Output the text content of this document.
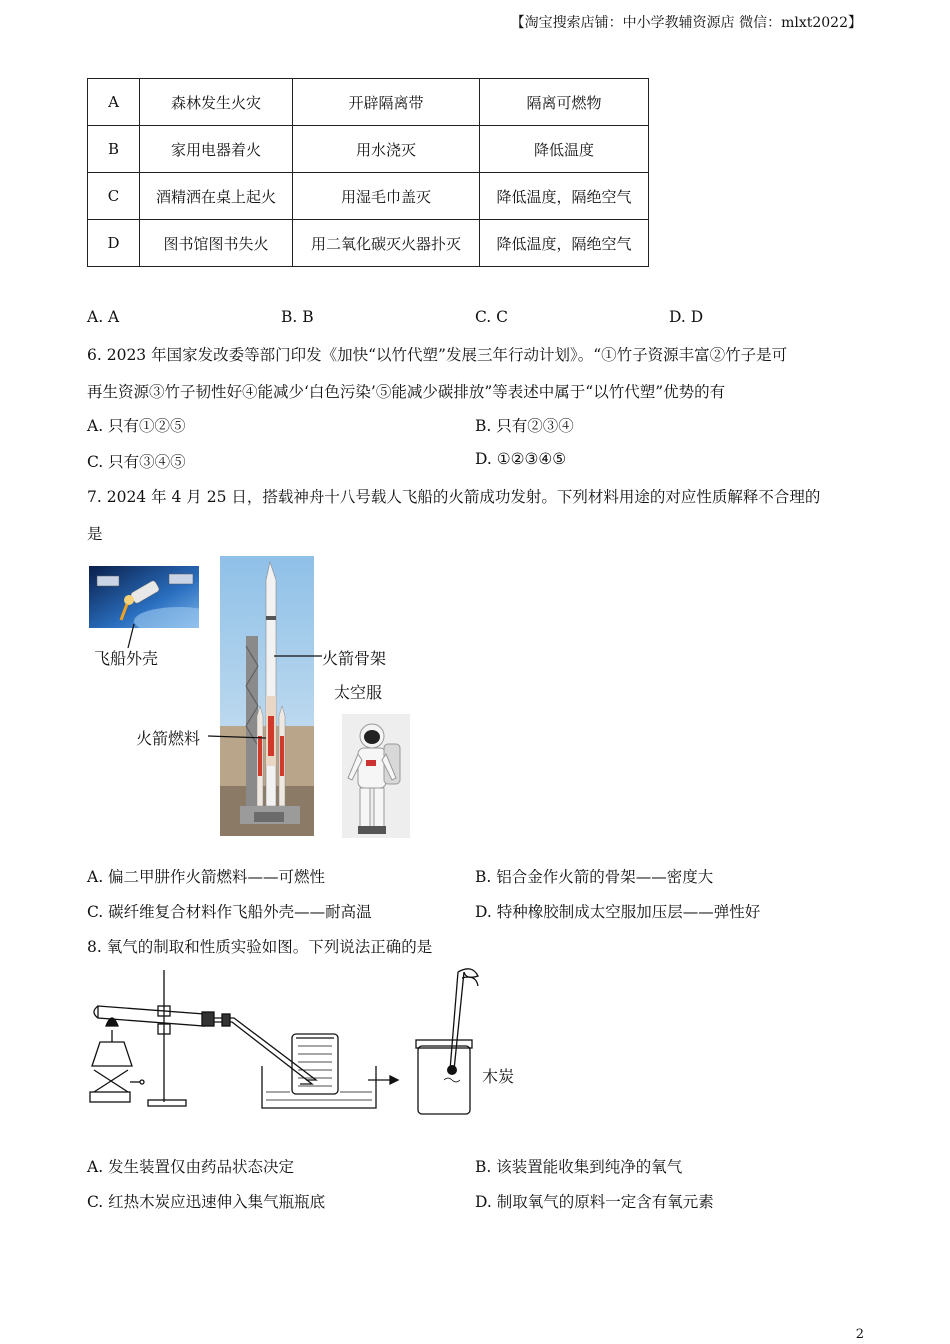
【淘宝搜索店铺：中小学教辅资源店 微信：mlxt2022】
A	森林发生火灾	开辟隔离带	隔离可燃物
B	家用电器着火	用水浇灭	降低温度
C	酒精洒在桌上起火	用湿毛巾盖灭	降低温度，隔绝空气
D	图书馆图书失火	用二氧化碳灭火器扑灭	降低温度，隔绝空气
A. A	B. B	C. C	D. D
6. 2023 年国家发改委等部门印发《加快“以竹代塑”发展三年行动计划》。“①竹子资源丰富②竹子是可
再生资源③竹子韧性好④能减少‘白色污染’⑤能减少碳排放”等表述中属于“以竹代塑”优势的有
A. 只有①②⑤	B. 只有②③④
C. 只有③④⑤	D. ①②③④⑤
7. 2024 年 4 月 25 日，搭载神舟十八号载人飞船的火箭成功发射。下列材料用途的对应性质解释不合理的
是
飞船外壳	火箭骨架
火箭燃料
太空服
A. 偏二甲肼作火箭燃料——可燃性	B. 铝合金作火箭的骨架——密度大
C. 碳纤维复合材料作飞船外壳——耐高温	D. 特种橡胶制成太空服加压层——弹性好
8. 氧气的制取和性质实验如图。下列说法正确的是
木炭
A. 发生装置仅由药品状态决定	B. 该装置能收集到纯净的氧气
C. 红热木炭应迅速伸入集气瓶瓶底	D. 制取氧气的原料一定含有氧元素
2
